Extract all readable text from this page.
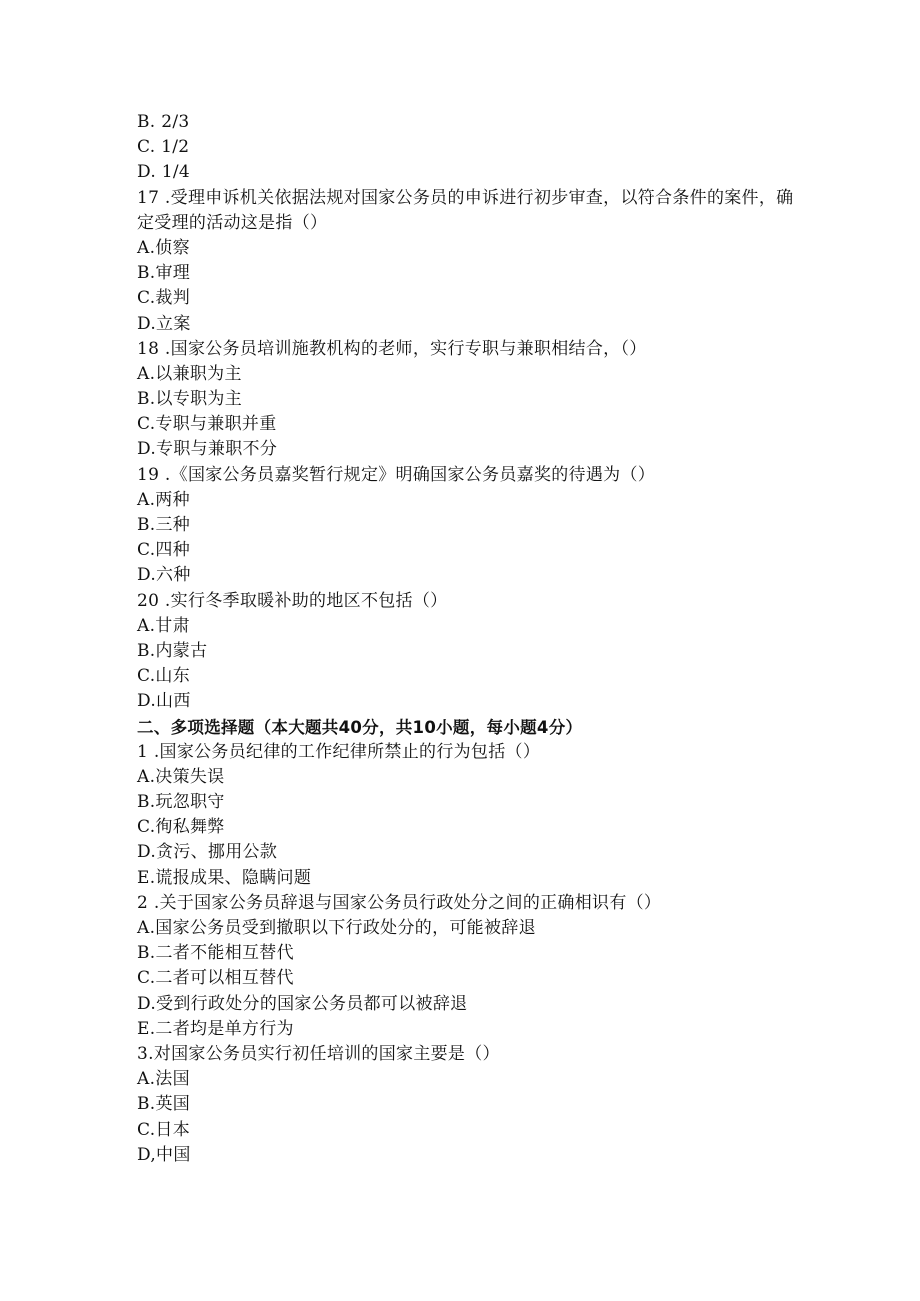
B. 2/3
C. 1/2
D. 1/4
17 .受理申诉机关依据法规对国家公务员的申诉进行初步审查，以符合条件的案件，确定受理的活动这是指（）
A.侦察
B.审理
C.裁判
D.立案
18 .国家公务员培训施教机构的老师，实行专职与兼职相结合，（）
A.以兼职为主
B.以专职为主
C.专职与兼职并重
D.专职与兼职不分
19 .《国家公务员嘉奖暂行规定》明确国家公务员嘉奖的待遇为（）
A.两种
B.三种
C.四种
D.六种
20 .实行冬季取暖补助的地区不包括（）
A.甘肃
B.内蒙古
C.山东
D.山西
二、多项选择题（本大题共40分，共10小题，每小题4分）
1 .国家公务员纪律的工作纪律所禁止的行为包括（）
A.决策失误
B.玩忽职守
C.徇私舞弊
D.贪污、挪用公款
E.谎报成果、隐瞒问题
2 .关于国家公务员辞退与国家公务员行政处分之间的正确相识有（）
A.国家公务员受到撤职以下行政处分的，可能被辞退
B.二者不能相互替代
C.二者可以相互替代
D.受到行政处分的国家公务员都可以被辞退
E.二者均是单方行为
3.对国家公务员实行初任培训的国家主要是（）
A.法国
B.英国
C.日本
D,中国
